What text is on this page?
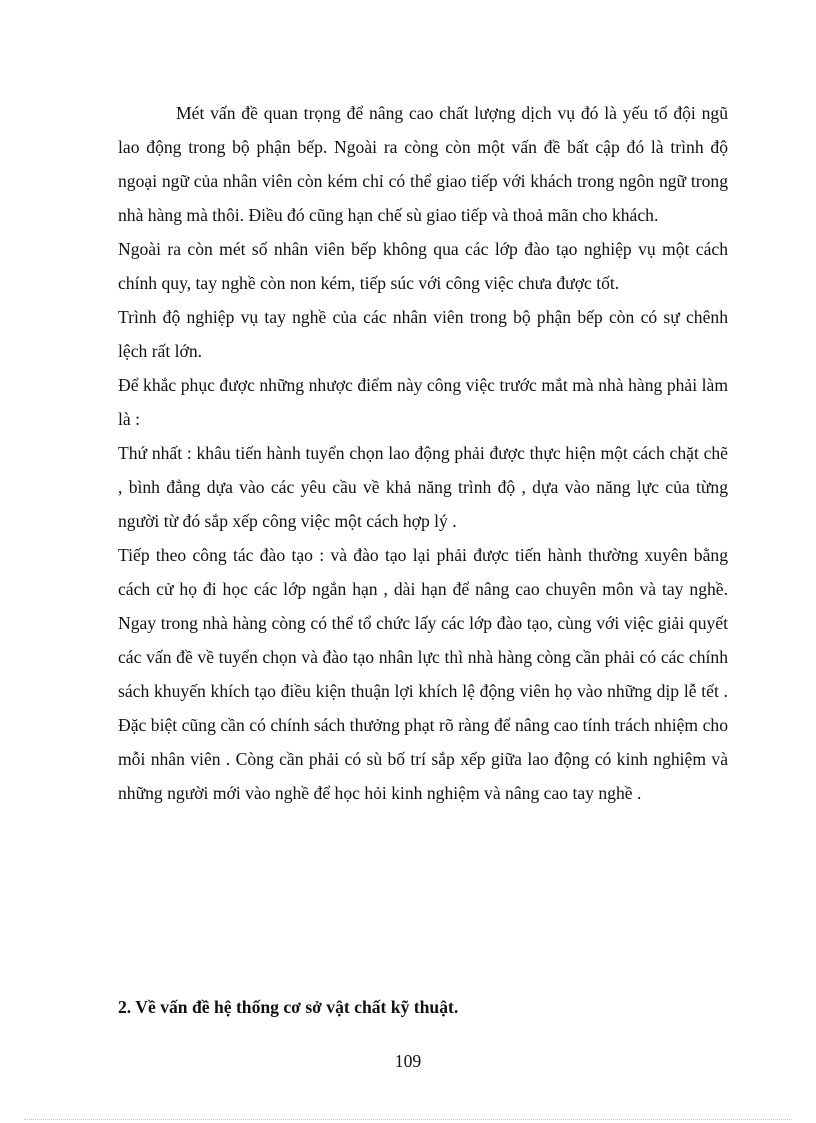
Mét vấn đề quan trọng để nâng cao chất lượng dịch vụ đó là yếu tố đội ngũ lao động trong bộ phận bếp. Ngoài ra còng còn một vấn đề bất cập đó là trình độ ngoại ngữ của nhân viên còn kém chỉ có thể giao tiếp với khách trong ngôn ngữ trong nhà hàng mà thôi. Điều đó cũng hạn chế sù giao tiếp và thoả mãn cho khách.

Ngoài ra còn mét số nhân viên bếp không qua các lớp đào tạo nghiệp vụ một cách chính quy, tay nghề còn non kém, tiếp súc với công việc chưa được tốt.

Trình độ nghiệp vụ tay nghề của các nhân viên trong bộ phận bếp còn có sự chênh lệch rất lớn.

Để khắc phục được những nhược điểm này công việc trước mắt mà nhà hàng phải làm là :

Thứ nhất : khâu tiến hành tuyển chọn lao động phải được thực hiện một cách chặt chẽ , bình đẳng dựa vào các yêu cầu về khả năng trình độ , dựa vào năng lực của từng người từ đó sắp xếp công việc một cách hợp lý .

Tiếp theo công tác đào tạo : và đào tạo lại phải được tiến hành thường xuyên bằng cách cử họ đi học các lớp ngắn hạn , dài hạn để nâng cao chuyên môn và tay nghề. Ngay trong nhà hàng còng có thể tổ chức lấy các lớp đào tạo, cùng với việc giải quyết các vấn đề về tuyển chọn và đào tạo nhân lực thì nhà hàng còng cần phải có các chính sách khuyến khích tạo điều kiện thuận lợi khích lệ động viên họ vào những dịp lễ tết . Đặc biệt cũng cần có chính sách thưởng phạt rõ ràng để nâng cao tính trách nhiệm cho mỗi nhân viên . Còng cần phải có sù bố trí sắp xếp giữa lao động có kinh nghiệm và những người mới vào nghề để học hỏi kinh nghiệm và nâng cao tay nghề .

2. Về vấn đề hệ thống cơ sở vật chất kỹ thuật.
109
